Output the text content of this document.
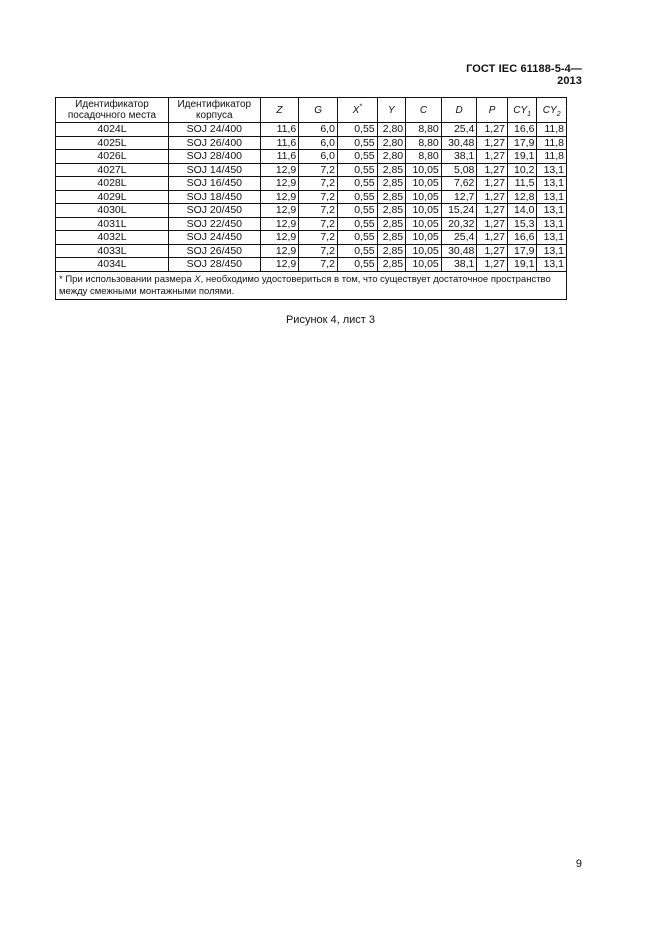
ГОСТ IEC 61188-5-4—2013
Идентификатор посадочного места	Идентификатор корпуса	Z	G	X*	Y	C	D	P	$CY_1$	$CY_2$
4024L	SOJ 24/400	11,6	6,0	0,55	2,80	8,80	25,4	1,27	16,6	11,8
4025L	SOJ 26/400	11,6	6,0	0,55	2,80	8,80	30,48	1,27	17,9	11,8
4026L	SOJ 28/400	11,6	6,0	0,55	2,80	8,80	38,1	1,27	19,1	11,8
4027L	SOJ 14/450	12,9	7,2	0,55	2,85	10,05	5,08	1,27	10,2	13,1
4028L	SOJ 16/450	12,9	7,2	0,55	2,85	10,05	7,62	1,27	11,5	13,1
4029L	SOJ 18/450	12,9	7,2	0,55	2,85	10,05	12,7	1,27	12,8	13,1
4030L	SOJ 20/450	12,9	7,2	0,55	2,85	10,05	15,24	1,27	14,0	13,1
4031L	SOJ 22/450	12,9	7,2	0,55	2,85	10,05	20,32	1,27	15,3	13,1
4032L	SOJ 24/450	12,9	7,2	0,55	2,85	10,05	25,4	1,27	16,6	13,1
4033L	SOJ 26/450	12,9	7,2	0,55	2,85	10,05	30,48	1,27	17,9	13,1
4034L	SOJ 28/450	12,9	7,2	0,55	2,85	10,05	38,1	1,27	19,1	13,1
* При использовании размера X, необходимо удостовериться в том, что существует достаточное пространство между смежными монтажными полями.										
Рисунок 4, лист 3
9
